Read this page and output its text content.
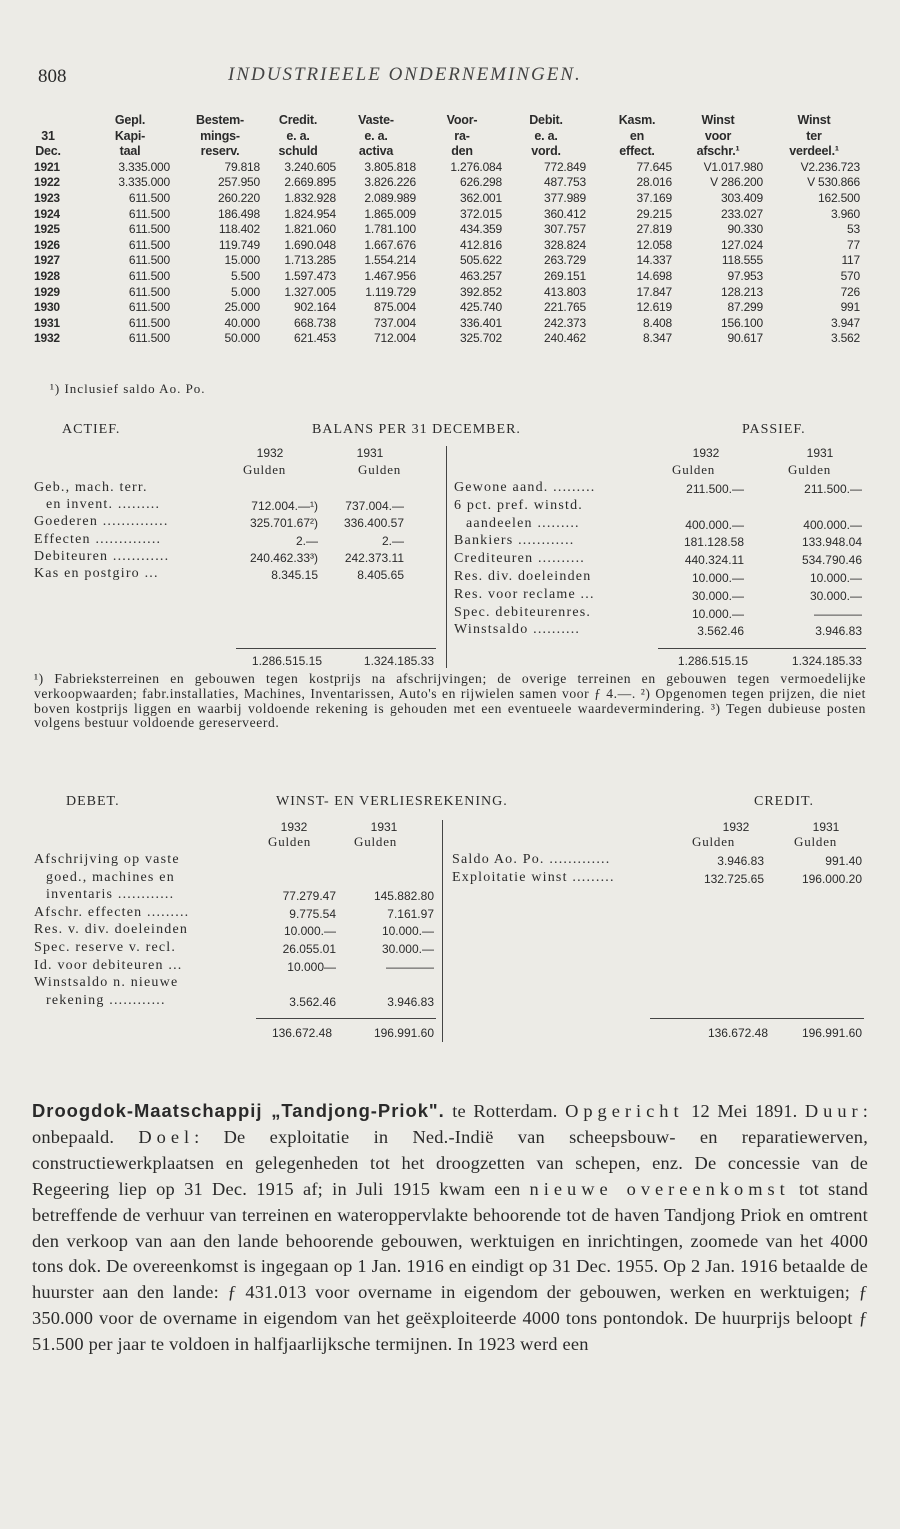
808	INDUSTRIEELE ONDERNEMINGEN.
Gepl.	Bestem-	Credit.	Vaste-	Voor-	Debit.	Kasm.	Winst	Winst
31	Kapi-	mings-	e. a.	e. a.	ra-	e. a.	en	voor	ter
Dec.	taal	reserv.	schuld	activa	den	vord.	effect.	afschr.¹	verdeel.¹
1921	3.335.000	79.818	3.240.605	3.805.818	1.276.084	772.849	77.645	V1.017.980	V2.236.723
1922	3.335.000	257.950	2.669.895	3.826.226	626.298	487.753	28.016	V 286.200	V 530.866
1923	611.500	260.220	1.832.928	2.089.989	362.001	377.989	37.169	303.409	162.500
1924	611.500	186.498	1.824.954	1.865.009	372.015	360.412	29.215	233.027	3.960
1925	611.500	118.402	1.821.060	1.781.100	434.359	307.757	27.819	90.330	53
1926	611.500	119.749	1.690.048	1.667.676	412.816	328.824	12.058	127.024	77
1927	611.500	15.000	1.713.285	1.554.214	505.622	263.729	14.337	118.555	117
1928	611.500	5.500	1.597.473	1.467.956	463.257	269.151	14.698	97.953	570
1929	611.500	5.000	1.327.005	1.119.729	392.852	413.803	17.847	128.213	726
1930	611.500	25.000	902.164	875.004	425.740	221.765	12.619	87.299	991
1931	611.500	40.000	668.738	737.004	336.401	242.373	8.408	156.100	3.947
1932	611.500	50.000	621.453	712.004	325.702	240.462	8.347	90.617	3.562
¹) Inclusief saldo Ao. Po.
ACTIEF.	BALANS PER 31 DECEMBER.	PASSIEF.
1932	1931
Gulden	Gulden
1932	1931
Gulden	Gulden
Geb., mach. terr.
en invent. .........	712.004.—¹)	737.004.—
Goederen ..............	325.701.67²)	336.400.57
Effecten ..............	2.—	2.—
Debiteuren ............	240.462.33³)	242.373.11
Kas en postgiro ...	8.345.15	8.405.65
Gewone aand. .........	211.500.—	211.500.—
6 pct. pref. winstd.
aandeelen .........	400.000.—	400.000.—
Bankiers ............	181.128.58	133.948.04
Crediteuren ..........	440.324.11	534.790.46
Res. div. doeleinden	10.000.—	10.000.—
Res. voor reclame ...	30.000.—	30.000.—
Spec. debiteurenres.	10.000.—	————
Winstsaldo ..........	3.562.46	3.946.83
1.286.515.15	1.324.185.33	1.286.515.15	1.324.185.33
¹) Fabrieksterreinen en gebouwen tegen kostprijs na afschrijvingen; de overige terreinen en gebouwen tegen vermoedelijke verkoopwaarden; fabr.installaties, Machines, Inventarissen, Auto's en rijwielen samen voor ƒ 4.—. ²) Opgenomen tegen prijzen, die niet boven kostprijs liggen en waarbij voldoende rekening is gehouden met een eventueele waardevermindering. ³) Tegen dubieuse posten volgens bestuur voldoende gereserveerd.
DEBET.	WINST- EN VERLIESREKENING.	CREDIT.
1932	1931
Gulden	Gulden
1932	1931
Gulden	Gulden
Afschrijving op vaste
goed., machines en
inventaris ............	77.279.47	145.882.80
Afschr. effecten .........	9.775.54	7.161.97
Res. v. div. doeleinden	10.000.—	10.000.—
Spec. reserve v. recl.	26.055.01	30.000.—
Id. voor debiteuren ...	10.000—	————
Winstsaldo n. nieuwe
rekening ............	3.562.46	3.946.83
Saldo Ao. Po. .............	3.946.83	991.40
Exploitatie winst .........	132.725.65	196.000.20
136.672.48	196.991.60	136.672.48	196.991.60
Droogdok-Maatschappij „Tandjong-Priok". te Rotterdam. Opgericht 12 Mei 1891. Duur: onbepaald. Doel: De exploitatie in Ned.-Indië van scheepsbouw- en reparatiewerven, constructiewerkplaatsen en gelegenheden tot het droogzetten van schepen, enz. De concessie van de Regeering liep op 31 Dec. 1915 af; in Juli 1915 kwam een nieuwe overeenkomst tot stand betreffende de verhuur van terreinen en wateroppervlakte behoorende tot de haven Tandjong Priok en omtrent den verkoop van aan den lande behoorende gebouwen, werktuigen en inrichtingen, zoomede van het 4000 tons dok. De overeenkomst is ingegaan op 1 Jan. 1916 en eindigt op 31 Dec. 1955. Op 2 Jan. 1916 betaalde de huurster aan den lande: ƒ 431.013 voor overname in eigendom der gebouwen, werken en werktuigen; ƒ 350.000 voor de overname in eigendom van het geëxploiteerde 4000 tons pontondok. De huurprijs beloopt ƒ 51.500 per jaar te voldoen in halfjaarlijksche termijnen. In 1923 werd een
